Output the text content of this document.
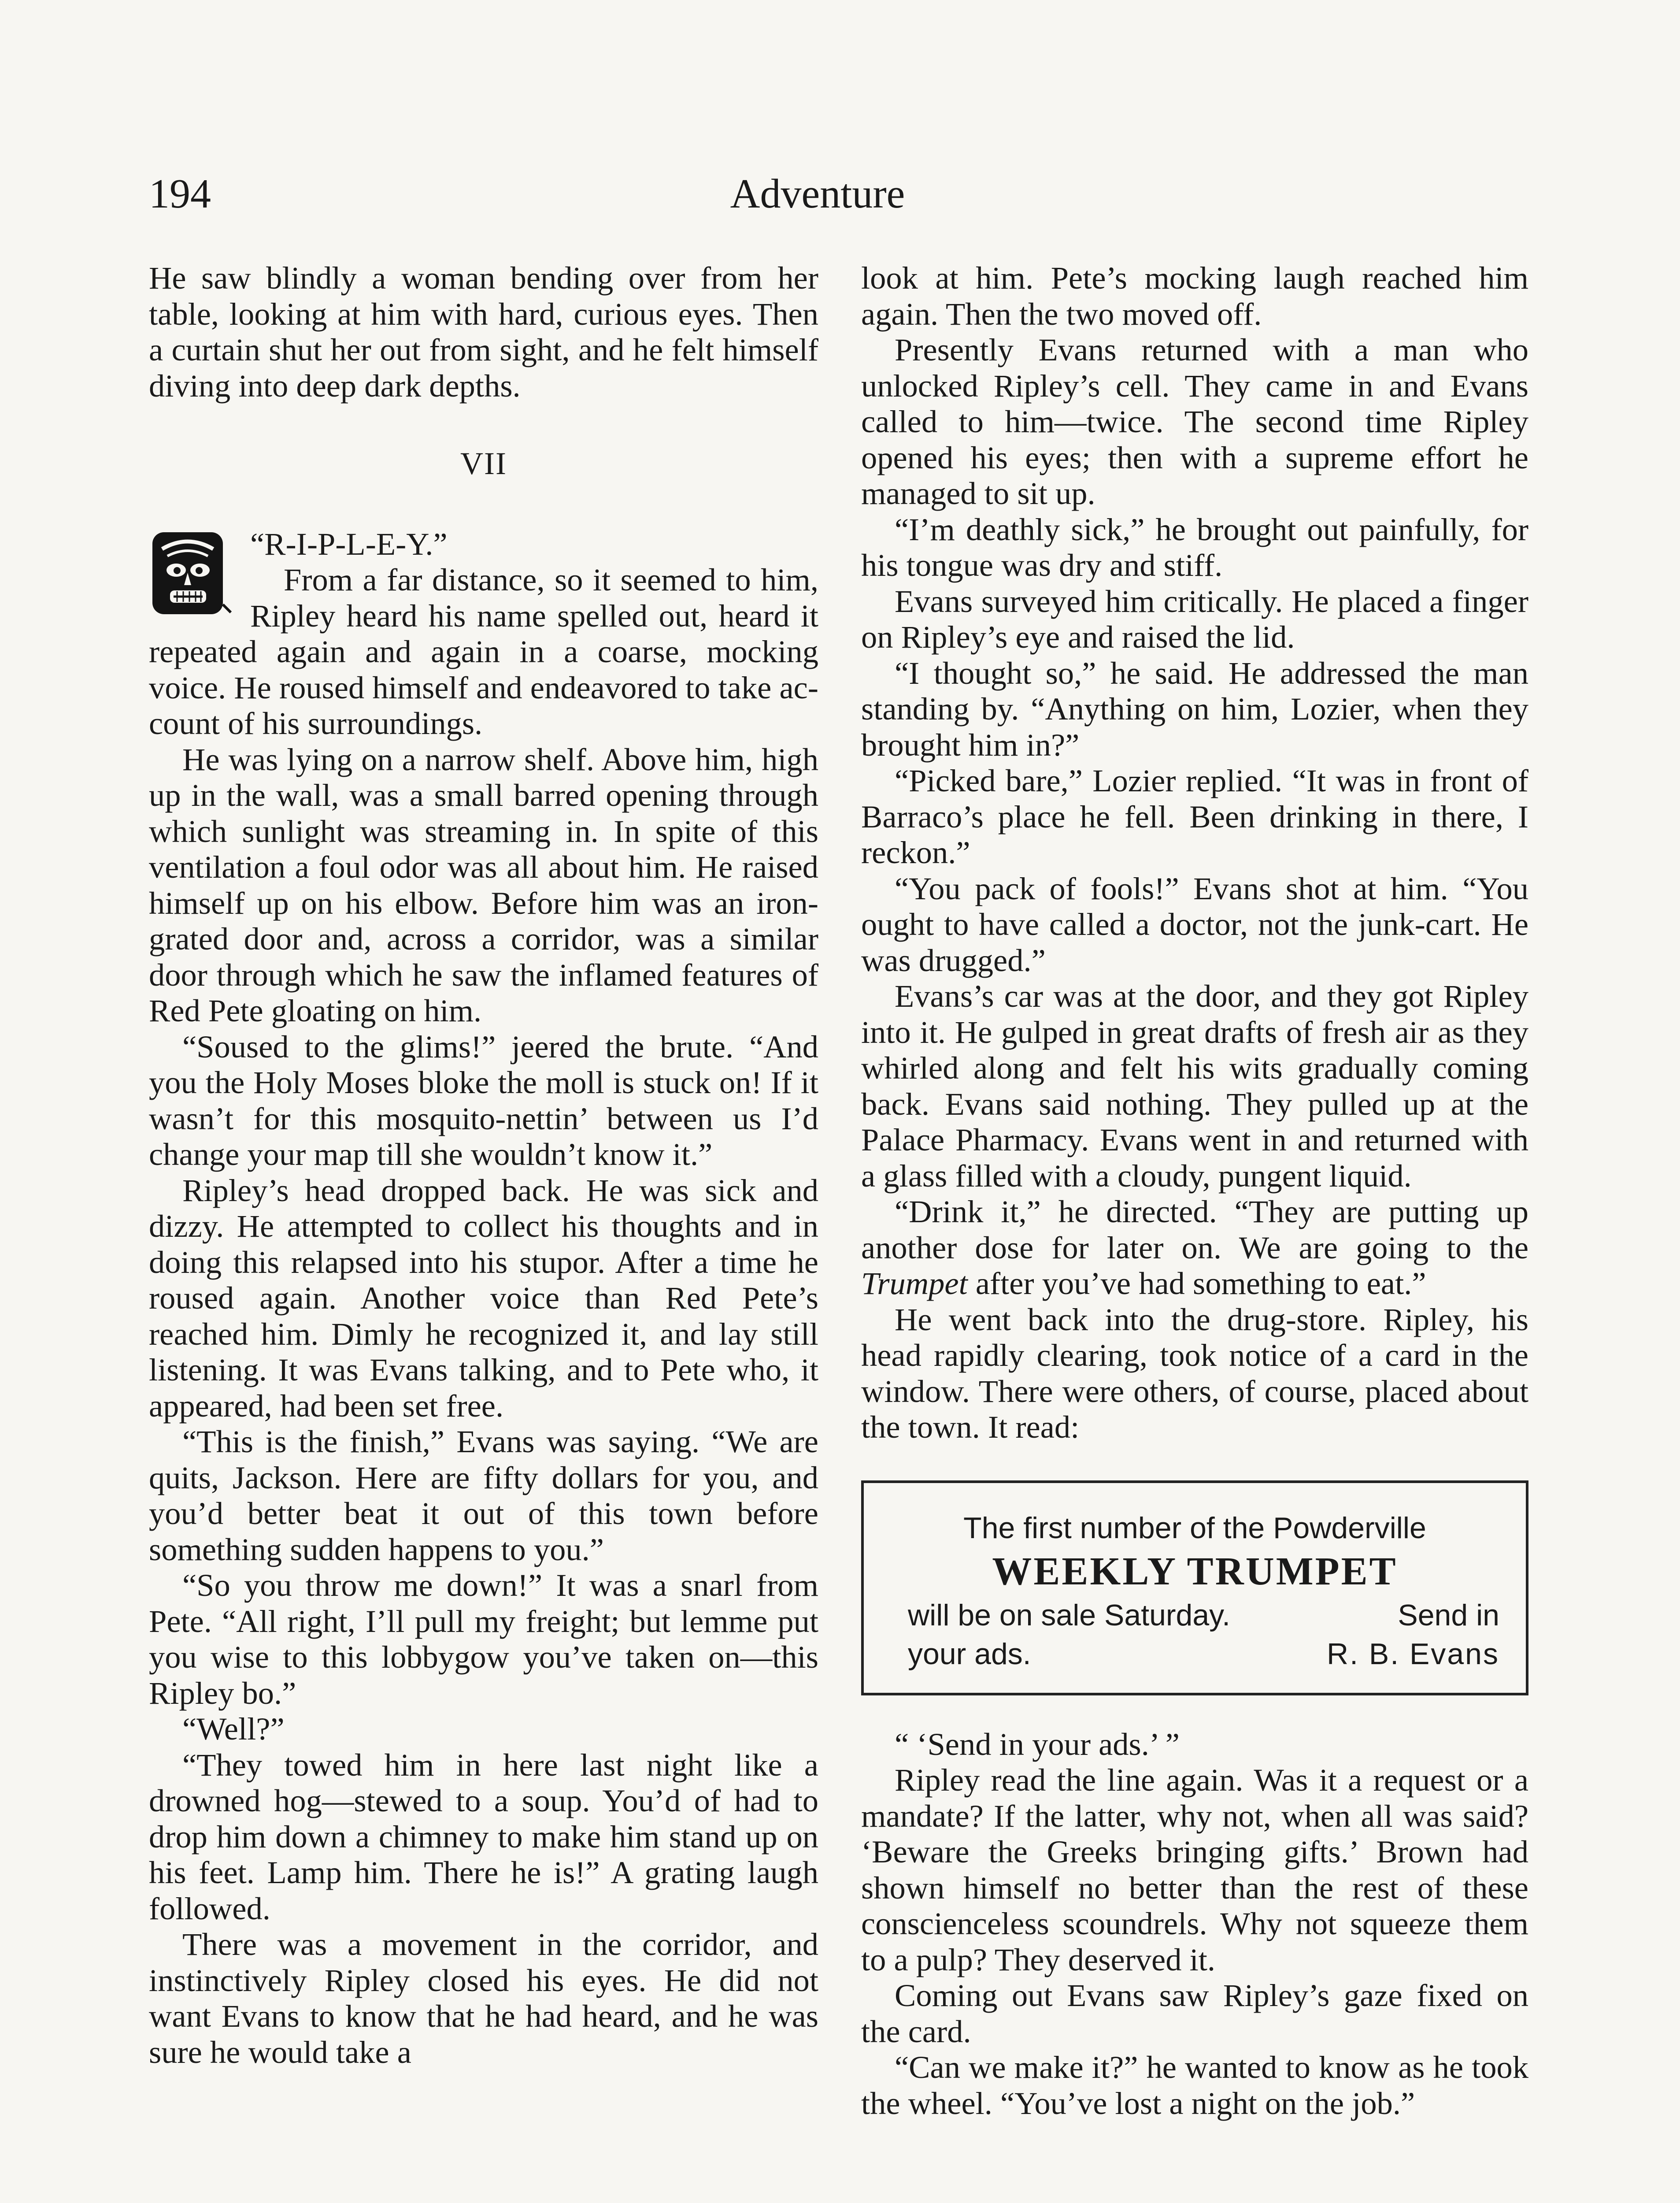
194	Adventure

He saw blindly a woman bending over from her table, looking at him with hard, curious eyes. Then a curtain shut her out from sight, and he felt himself diving into deep dark depths.

VII

“R-I-P-L-E-Y.”

From a far distance, so it seemed to him, Ripley heard his name spelled out, heard it repeated again and again in a coarse, mocking voice. He roused himself and endeavored to take account of his surroundings.

He was lying on a narrow shelf. Above him, high up in the wall, was a small barred opening through which sunlight was streaming in. In spite of this ventilation a foul odor was all about him. He raised himself up on his elbow. Before him was an iron-grated door and, across a corridor, was a similar door through which he saw the inflamed features of Red Pete gloating on him.

“Soused to the glims!” jeered the brute. “And you the Holy Moses bloke the moll is stuck on! If it wasn’t for this mosquito-nettin’ between us I’d change your map till she wouldn’t know it.”

Ripley’s head dropped back. He was sick and dizzy. He attempted to collect his thoughts and in doing this relapsed into his stupor. After a time he roused again. Another voice than Red Pete’s reached him. Dimly he recognized it, and lay still listening. It was Evans talking, and to Pete who, it appeared, had been set free.

“This is the finish,” Evans was saying. “We are quits, Jackson. Here are fifty dollars for you, and you’d better beat it out of this town before something sudden happens to you.”

“So you throw me down!” It was a snarl from Pete. “All right, I’ll pull my freight; but lemme put you wise to this lobbygow you’ve taken on—this Ripley bo.”

“Well?”

“They towed him in here last night like a drowned hog—stewed to a soup. You’d of had to drop him down a chimney to make him stand up on his feet. Lamp him. There he is!” A grating laugh followed.

There was a movement in the corridor, and instinctively Ripley closed his eyes. He did not want Evans to know that he had heard, and he was sure he would take a

look at him. Pete’s mocking laugh reached him again. Then the two moved off.

Presently Evans returned with a man who unlocked Ripley’s cell. They came in and Evans called to him—twice. The second time Ripley opened his eyes; then with a supreme effort he managed to sit up.

“I’m deathly sick,” he brought out painfully, for his tongue was dry and stiff.

Evans surveyed him critically. He placed a finger on Ripley’s eye and raised the lid.

“I thought so,” he said. He addressed the man standing by. “Anything on him, Lozier, when they brought him in?”

“Picked bare,” Lozier replied. “It was in front of Barraco’s place he fell. Been drinking in there, I reckon.”

“You pack of fools!” Evans shot at him. “You ought to have called a doctor, not the junk-cart. He was drugged.”

Evans’s car was at the door, and they got Ripley into it. He gulped in great drafts of fresh air as they whirled along and felt his wits gradually coming back. Evans said nothing. They pulled up at the Palace Pharmacy. Evans went in and returned with a glass filled with a cloudy, pungent liquid.

“Drink it,” he directed. “They are putting up another dose for later on. We are going to the Trumpet after you’ve had something to eat.”

He went back into the drug-store. Ripley, his head rapidly clearing, took notice of a card in the window. There were others, of course, placed about the town. It read:

The first number of the Powderville
WEEKLY TRUMPET
will be on sale Saturday.	Send in
your ads.	R. B. Evans

“ ‘Send in your ads.’ ”

Ripley read the line again. Was it a request or a mandate? If the latter, why not, when all was said? ‘Beware the Greeks bringing gifts.’ Brown had shown himself no better than the rest of these conscienceless scoundrels. Why not squeeze them to a pulp? They deserved it.

Coming out Evans saw Ripley’s gaze fixed on the card.

“Can we make it?” he wanted to know as he took the wheel. “You’ve lost a night on the job.”
